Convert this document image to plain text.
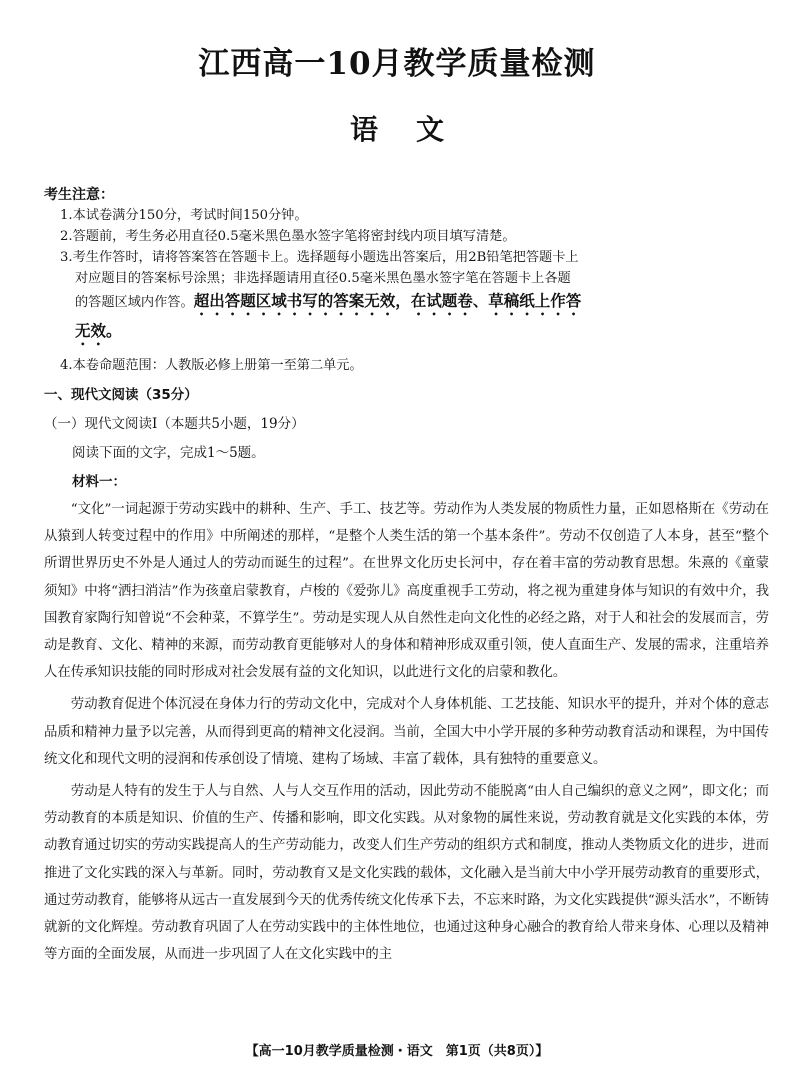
江西高一10月教学质量检测
语文
考生注意：
1.本试卷满分150分，考试时间150分钟。
2.答题前，考生务必用直径0.5毫米黑色墨水签字笔将密封线内项目填写清楚。
3.考生作答时，请将答案答在答题卡上。选择题每小题选出答案后，用2B铅笔把答题卡上
对应题目的答案标号涂黑；非选择题请用直径0.5毫米黑色墨水签字笔在答题卡上各题
的答题区域内作答。超出答题区域书写的答案无效，在试题卷、草稿纸上作答
无效。
4.本卷命题范围：人教版必修上册第一至第二单元。
一、现代文阅读（35分）
（一）现代文阅读Ⅰ（本题共5小题，19分）
阅读下面的文字，完成1～5题。
材料一：

“文化”一词起源于劳动实践中的耕种、生产、手工、技艺等。劳动作为人类发展的物质性力量，正如恩格斯在《劳动在从猿到人转变过程中的作用》中所阐述的那样，“是整个人类生活的第一个基本条件”。劳动不仅创造了人本身，甚至“整个所谓世界历史不外是人通过人的劳动而诞生的过程”。在世界文化历史长河中，存在着丰富的劳动教育思想。朱熹的《童蒙须知》中将“洒扫消洁”作为孩童启蒙教育，卢梭的《爱弥儿》高度重视手工劳动，将之视为重建身体与知识的有效中介，我国教育家陶行知曾说“不会种菜，不算学生”。劳动是实现人从自然性走向文化性的必经之路，对于人和社会的发展而言，劳动是教育、文化、精神的来源，而劳动教育更能够对人的身体和精神形成双重引领，使人直面生产、发展的需求，注重培养人在传承知识技能的同时形成对社会发展有益的文化知识，以此进行文化的启蒙和教化。

劳动教育促进个体沉浸在身体力行的劳动文化中，完成对个人身体机能、工艺技能、知识水平的提升，并对个体的意志品质和精神力量予以完善，从而得到更高的精神文化浸润。当前，全国大中小学开展的多种劳动教育活动和课程，为中国传统文化和现代文明的浸润和传承创设了情境、建构了场域、丰富了载体，具有独特的重要意义。

劳动是人特有的发生于人与自然、人与人交互作用的活动，因此劳动不能脱离“由人自己编织的意义之网”，即文化；而劳动教育的本质是知识、价值的生产、传播和影响，即文化实践。从对象物的属性来说，劳动教育就是文化实践的本体，劳动教育通过切实的劳动实践提高人的生产劳动能力，改变人们生产劳动的组织方式和制度，推动人类物质文化的进步，进而推进了文化实践的深入与革新。同时，劳动教育又是文化实践的载体，文化融入是当前大中小学开展劳动教育的重要形式，通过劳动教育，能够将从远古一直发展到今天的优秀传统文化传承下去，不忘来时路，为文化实践提供“源头活水”，不断铸就新的文化辉煌。劳动教育巩固了人在劳动实践中的主体性地位，也通过这种身心融合的教育给人带来身体、心理以及精神等方面的全面发展，从而进一步巩固了人在文化实践中的主

【高一10月教学质量检测・语文　第1页（共8页）】
